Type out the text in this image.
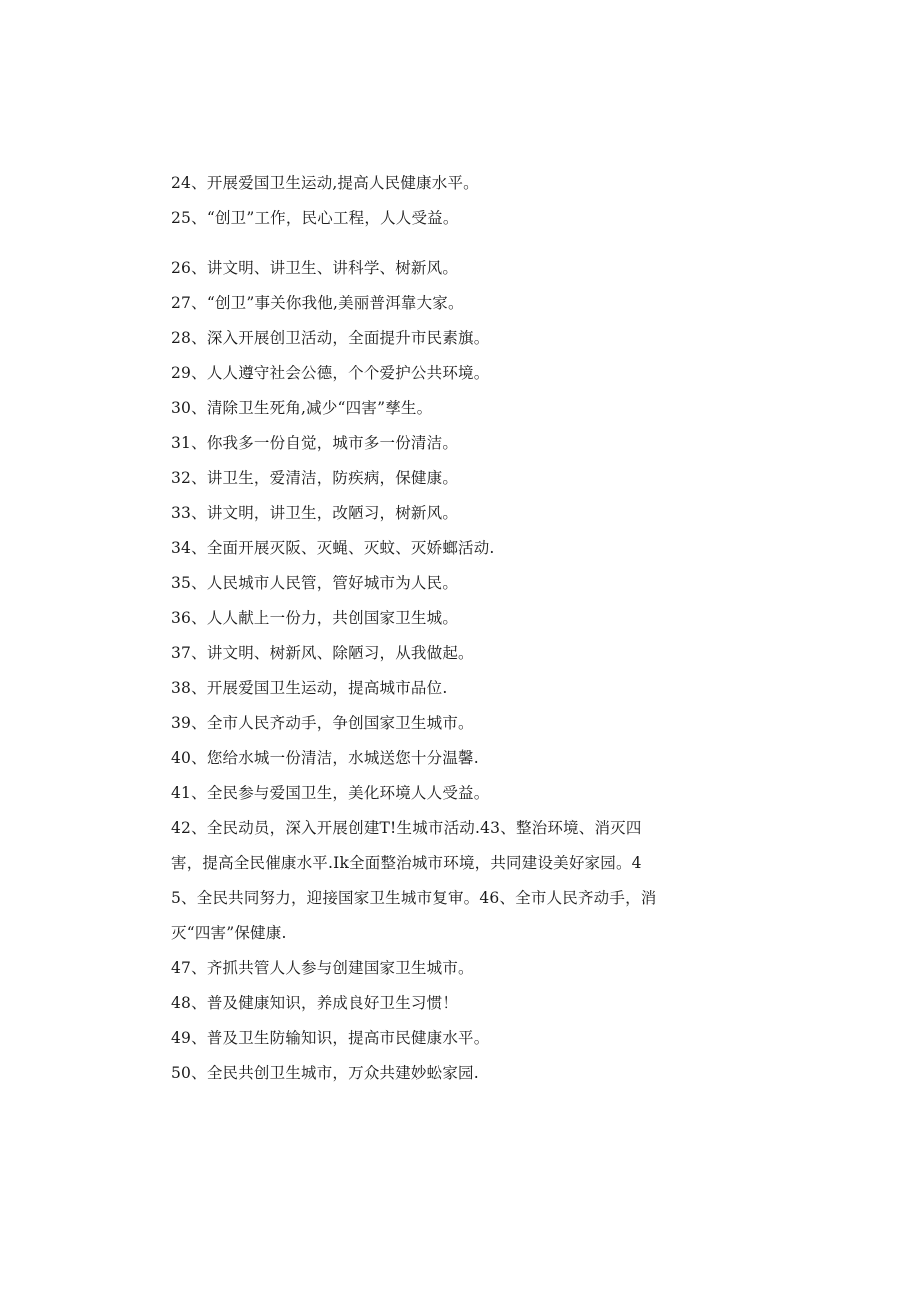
24、开展爱国卫生运动,提高人民健康水平。
25、“创卫”工作，民心工程，人人受益。
26、讲文明、讲卫生、讲科学、树新风。
27、“创卫”事关你我他,美丽普洱靠大家。
28、深入开展创卫活动，全面提升市民素旗。
29、人人遵守社会公德，个个爱护公共环境。
30、清除卫生死角,减少“四害”孳生。
31、你我多一份自觉，城市多一份清洁。
32、讲卫生，爱清洁，防疾病，保健康。
33、讲文明，讲卫生，改陋习，树新风。
34、全面开展灭阪、灭蝇、灭蚊、灭娇螂活动.
35、人民城市人民管，管好城市为人民。
36、人人献上一份力，共创国家卫生城。
37、讲文明、树新风、除陋习，从我做起。
38、开展爱国卫生运动，提高城市品位.
39、全市人民齐动手，争创国家卫生城市。
40、您给水城一份清洁，水城送您十分温馨.
41、全民参与爱国卫生，美化环境人人受益。
42、全民动员，深入开展创建T!生城市活动.43、整治环境、消灭四害，提高全民催康水平.Ik全面整治城市环境，共同建设美好家园。45、全民共同努力，迎接国家卫生城市复审。46、全市人民齐动手，消灭“四害”保健康.
47、齐抓共管人人参与创建国家卫生城市。
48、普及健康知识，养成良好卫生习惯！
49、普及卫生防输知识，提高市民健康水平。
50、全民共创卫生城市，万众共建妙蚣家园.
